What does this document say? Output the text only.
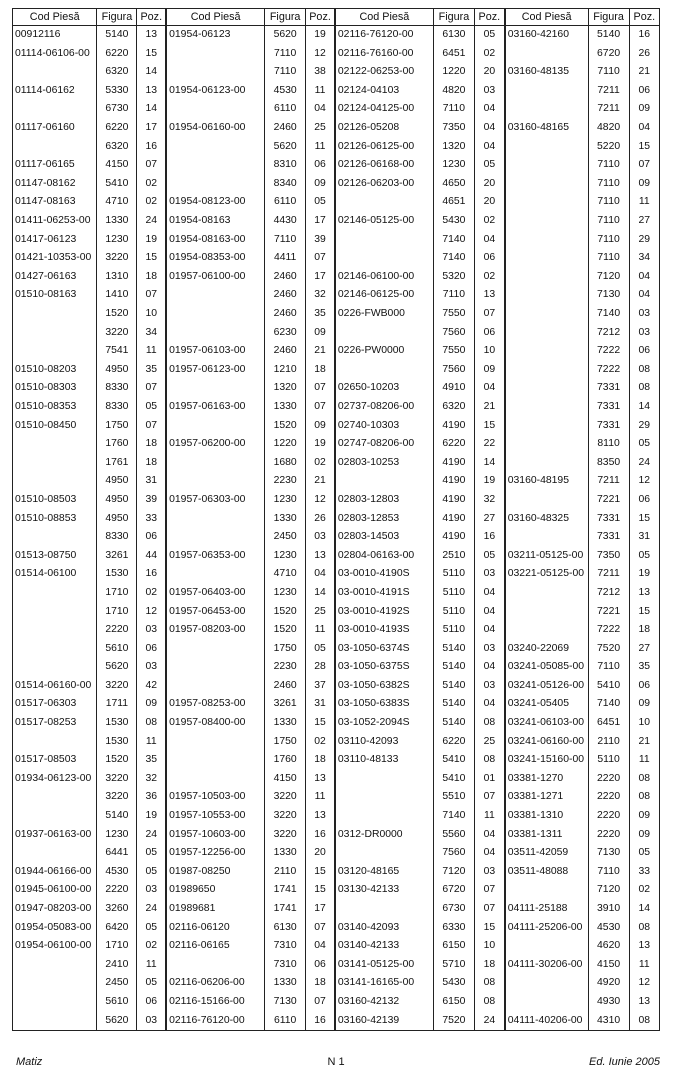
Cod Piesă	Figura	Poz.	Cod Piesă	Figura	Poz.	Cod Piesă	Figura	Poz.	Cod Piesă	Figura	Poz.
00912116	5140	13	01954-06123	5620	19	02116-76120-00	6130	05	03160-42160	5140	16
01114-06106-00	6220	15		7110	12	02116-76160-00	6451	02		6720	26
	6320	14		7110	38	02122-06253-00	1220	20	03160-48135	7110	21
01114-06162	5330	13	01954-06123-00	4530	11	02124-04103	4820	03		7211	06
	6730	14		6110	04	02124-04125-00	7110	04		7211	09
01117-06160	6220	17	01954-06160-00	2460	25	02126-05208	7350	04	03160-48165	4820	04
	6320	16		5620	11	02126-06125-00	1320	04		5220	15
01117-06165	4150	07		8310	06	02126-06168-00	1230	05		7110	07
01147-08162	5410	02		8340	09	02126-06203-00	4650	20		7110	09
01147-08163	4710	02	01954-08123-00	6110	05		4651	20		7110	11
01411-06253-00	1330	24	01954-08163	4430	17	02146-05125-00	5430	02		7110	27
01417-06123	1230	19	01954-08163-00	7110	39		7140	04		7110	29
01421-10353-00	3220	15	01954-08353-00	4411	07		7140	06		7110	34
01427-06163	1310	18	01957-06100-00	2460	17	02146-06100-00	5320	02		7120	04
01510-08163	1410	07		2460	32	02146-06125-00	7110	13		7130	04
	1520	10		2460	35	0226-FWB000	7550	07		7140	03
	3220	34		6230	09		7560	06		7212	03
	7541	11	01957-06103-00	2460	21	0226-PW0000	7550	10		7222	06
01510-08203	4950	35	01957-06123-00	1210	18		7560	09		7222	08
01510-08303	8330	07		1320	07	02650-10203	4910	04		7331	08
01510-08353	8330	05	01957-06163-00	1330	07	02737-08206-00	6320	21		7331	14
01510-08450	1750	07		1520	09	02740-10303	4190	15		7331	29
	1760	18	01957-06200-00	1220	19	02747-08206-00	6220	22		8110	05
	1761	18		1680	02	02803-10253	4190	14		8350	24
	4950	31		2230	21		4190	19	03160-48195	7211	12
01510-08503	4950	39	01957-06303-00	1230	12	02803-12803	4190	32		7221	06
01510-08853	4950	33		1330	26	02803-12853	4190	27	03160-48325	7331	15
	8330	06		2450	03	02803-14503	4190	16		7331	31
01513-08750	3261	44	01957-06353-00	1230	13	02804-06163-00	2510	05	03211-05125-00	7350	05
01514-06100	1530	16		4710	04	03-0010-4190S	5110	03	03221-05125-00	7211	19
	1710	02	01957-06403-00	1230	14	03-0010-4191S	5110	04		7212	13
	1710	12	01957-06453-00	1520	25	03-0010-4192S	5110	04		7221	15
	2220	03	01957-08203-00	1520	11	03-0010-4193S	5110	04		7222	18
	5610	06		1750	05	03-1050-6374S	5140	03	03240-22069	7520	27
	5620	03		2230	28	03-1050-6375S	5140	04	03241-05085-00	7110	35
01514-06160-00	3220	42		2460	37	03-1050-6382S	5140	03	03241-05126-00	5410	06
01517-06303	1711	09	01957-08253-00	3261	31	03-1050-6383S	5140	04	03241-05405	7140	09
01517-08253	1530	08	01957-08400-00	1330	15	03-1052-2094S	5140	08	03241-06103-00	6451	10
	1530	11		1750	02	03110-42093	6220	25	03241-06160-00	2110	21
01517-08503	1520	35		1760	18	03110-48133	5410	08	03241-15160-00	5110	11
01934-06123-00	3220	32		4150	13		5410	01	03381-1270	2220	08
	3220	36	01957-10503-00	3220	11		5510	07	03381-1271	2220	08
	5140	19	01957-10553-00	3220	13		7140	11	03381-1310	2220	09
01937-06163-00	1230	24	01957-10603-00	3220	16	0312-DR0000	5560	04	03381-1311	2220	09
	6441	05	01957-12256-00	1330	20		7560	04	03511-42059	7130	05
01944-06166-00	4530	05	01987-08250	2110	15	03120-48165	7120	03	03511-48088	7110	33
01945-06100-00	2220	03	01989650	1741	15	03130-42133	6720	07		7120	02
01947-08203-00	3260	24	01989681	1741	17		6730	07	04111-25188	3910	14
01954-05083-00	6420	05	02116-06120	6130	07	03140-42093	6330	15	04111-25206-00	4530	08
01954-06100-00	1710	02	02116-06165	7310	04	03140-42133	6150	10		4620	13
	2410	11		7310	06	03141-05125-00	5710	18	04111-30206-00	4150	11
	2450	05	02116-06206-00	1330	18	03141-16165-00	5430	08		4920	12
	5610	06	02116-15166-00	7130	07	03160-42132	6150	08		4930	13
	5620	03	02116-76120-00	6110	16	03160-42139	7520	24	04111-40206-00	4310	08
Matiz	N 1	Ed. Iunie 2005
